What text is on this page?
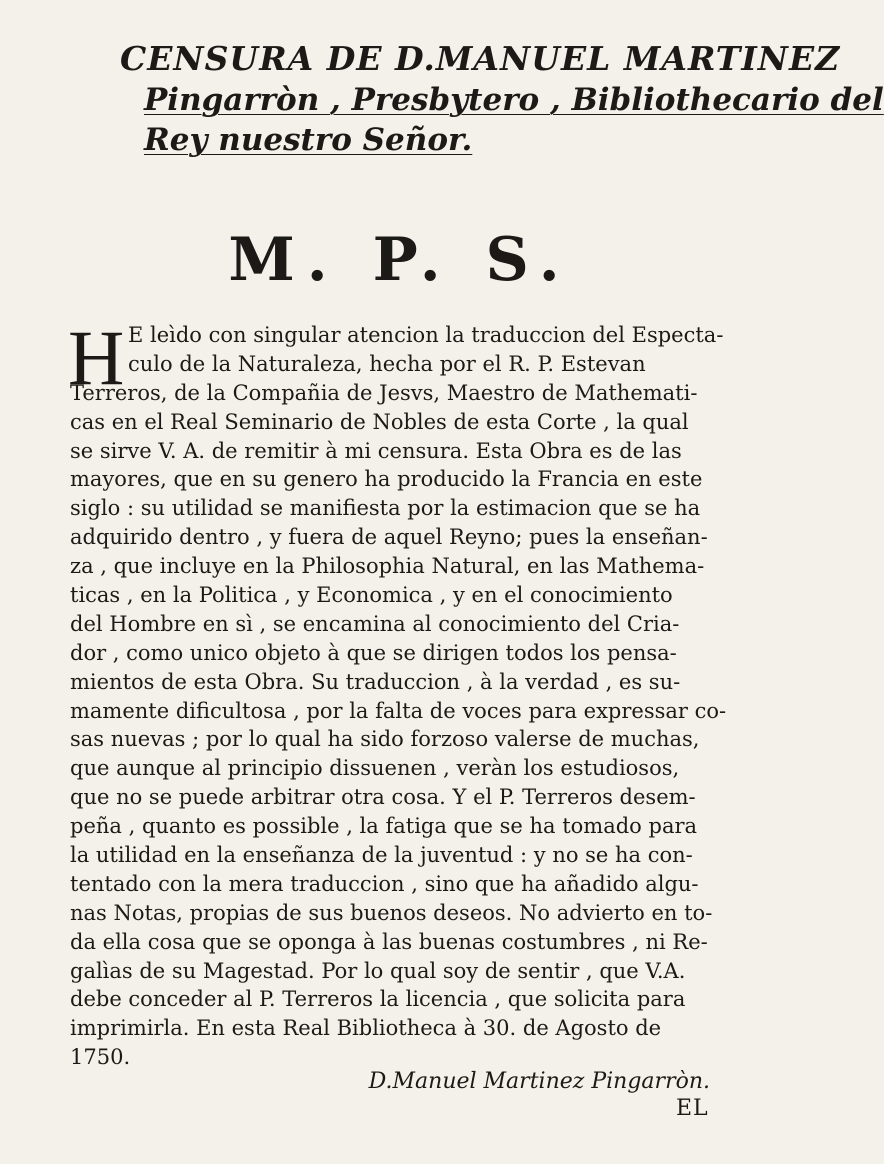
CENSURA DE D.MANUEL MARTINEZ
Pingarròn , Presbytero , Bibliothecario del
Rey nuestro Señor.
M. P. S.
H E leìdo con singular atencion la traduccion del Especta-
culo de la Naturaleza, hecha por el R. P. Estevan
Terreros, de la Compañia de Jesvs, Maestro de Mathemati-
cas en el Real Seminario de Nobles de esta Corte , la qual
se sirve V. A. de remitir à mi censura. Esta Obra es de las
mayores, que en su genero ha producido la Francia en este
siglo : su utilidad se manifiesta por la estimacion que se ha
adquirido dentro , y fuera de aquel Reyno; pues la enseñan-
za , que incluye en la Philosophia Natural, en las Mathema-
ticas , en la Politica , y Economica , y en el conocimiento
del Hombre en sì , se encamina al conocimiento del Cria-
dor , como unico objeto à que se dirigen todos los pensa-
mientos de esta Obra. Su traduccion , à la verdad , es su-
mamente dificultosa , por la falta de voces para expressar co-
sas nuevas ; por lo qual ha sido forzoso valerse de muchas,
que aunque al principio dissuenen , veràn los estudiosos,
que no se puede arbitrar otra cosa. Y el P. Terreros desem-
peña , quanto es possible , la fatiga que se ha tomado para
la utilidad en la enseñanza de la juventud : y no se ha con-
tentado con la mera traduccion , sino que ha añadido algu-
nas Notas, propias de sus buenos deseos. No advierto en to-
da ella cosa que se oponga à las buenas costumbres , ni Re-
galìas de su Magestad. Por lo qual soy de sentir , que V.A.
debe conceder al P. Terreros la licencia , que solicita para
imprimirla. En esta Real Bibliotheca à 30. de Agosto de
1750.
D.Manuel Martinez Pingarròn.
EL
